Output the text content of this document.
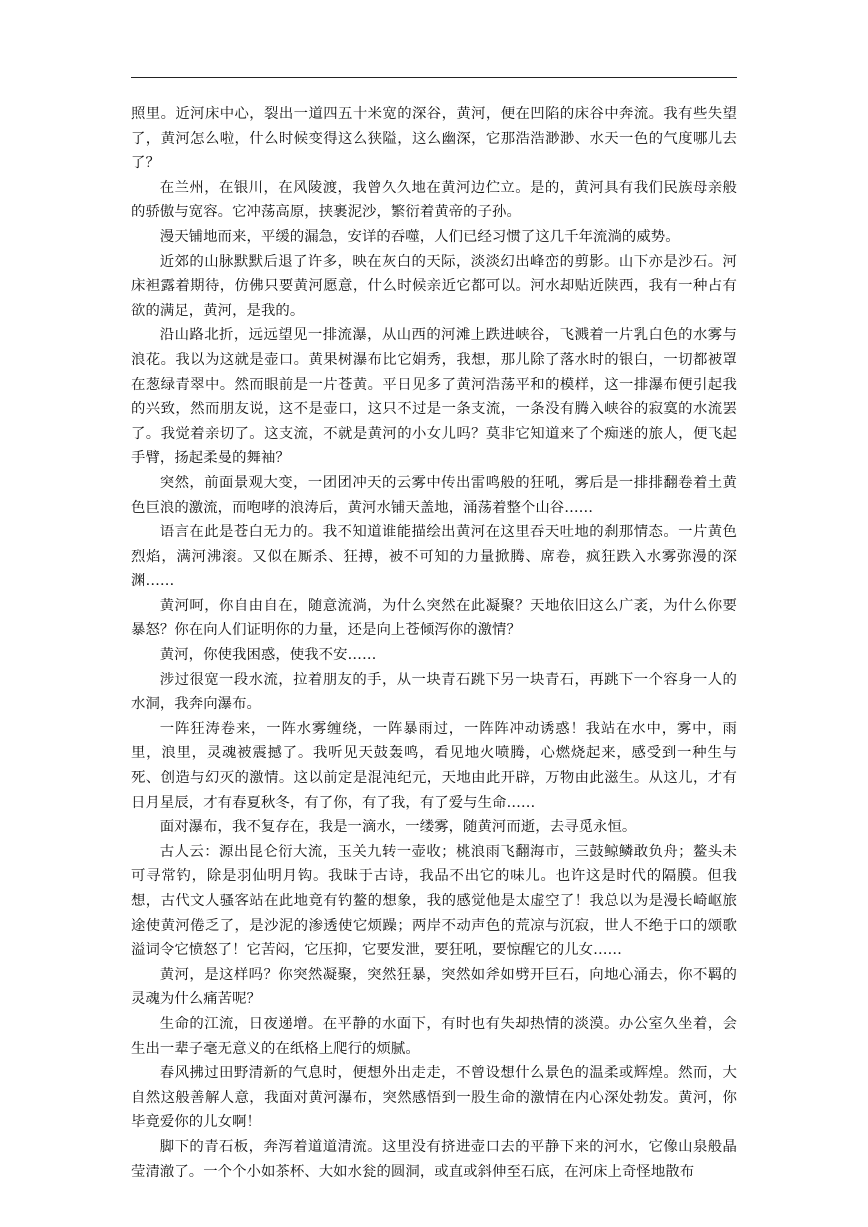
照里。近河床中心，裂出一道四五十米宽的深谷，黄河，便在凹陷的床谷中奔流。我有些失望了，黄河怎么啦，什么时候变得这么狭隘，这么幽深，它那浩浩渺渺、水天一色的气度哪儿去了？

在兰州，在银川，在风陵渡，我曾久久地在黄河边伫立。是的，黄河具有我们民族母亲般的骄傲与宽容。它冲荡高原，挟裹泥沙，繁衍着黄帝的子孙。

漫天铺地而来，平缓的漏急，安详的吞噬，人们已经习惯了这几千年流淌的威势。

近郊的山脉默默后退了许多，映在灰白的天际，淡淡幻出峰峦的剪影。山下亦是沙石。河床袒露着期待，仿佛只要黄河愿意，什么时候亲近它都可以。河水却贴近陕西，我有一种占有欲的满足，黄河，是我的。

沿山路北折，远远望见一排流瀑，从山西的河滩上跌进峡谷，飞溅着一片乳白色的水雾与浪花。我以为这就是壶口。黄果树瀑布比它娟秀，我想，那儿除了落水时的银白，一切都被罩在葱绿青翠中。然而眼前是一片苍黄。平日见多了黄河浩荡平和的模样，这一排瀑布便引起我的兴致，然而朋友说，这不是壶口，这只不过是一条支流，一条没有腾入峡谷的寂寞的水流罢了。我觉着亲切了。这支流，不就是黄河的小女儿吗？莫非它知道来了个痴迷的旅人，便飞起手臂，扬起柔曼的舞袖？

突然，前面景观大变，一团团冲天的云雾中传出雷鸣般的狂吼，雾后是一排排翻卷着土黄色巨浪的激流，而咆哮的浪涛后，黄河水铺天盖地，涌荡着整个山谷……

语言在此是苍白无力的。我不知道谁能描绘出黄河在这里吞天吐地的刹那情态。一片黄色烈焰，满河沸滚。又似在厮杀、狂搏，被不可知的力量掀腾、席卷，疯狂跌入水雾弥漫的深渊……

黄河呵，你自由自在，随意流淌，为什么突然在此凝聚？天地依旧这么广袤，为什么你要暴怒？你在向人们证明你的力量，还是向上苍倾泻你的激情？

黄河，你使我困惑，使我不安……

涉过很宽一段水流，拉着朋友的手，从一块青石跳下另一块青石，再跳下一个容身一人的水洞，我奔向瀑布。

一阵狂涛卷来，一阵水雾缠绕，一阵暴雨过，一阵阵冲动诱惑！我站在水中，雾中，雨里，浪里，灵魂被震撼了。我听见天鼓轰鸣，看见地火喷腾，心燃烧起来，感受到一种生与死、创造与幻灭的激情。这以前定是混沌纪元，天地由此开辟，万物由此滋生。从这儿，才有日月星辰，才有春夏秋冬，有了你，有了我，有了爱与生命……

面对瀑布，我不复存在，我是一滴水，一缕雾，随黄河而逝，去寻觅永恒。

古人云：源出昆仑衍大流，玉关九转一壶收；桃浪雨飞翻海市，三鼓鲸鳞敢负舟；鳌头未可寻常钓，除是羽仙明月钩。我昧于古诗，我品不出它的味儿。也许这是时代的隔膜。但我想，古代文人骚客站在此地竟有钓鳌的想象，我的感觉他是太虚空了！我总以为是漫长崎岖旅途使黄河倦乏了，是沙泥的渗透使它烦躁；两岸不动声色的荒凉与沉寂，世人不绝于口的颂歌溢词令它愤怒了！它苦闷，它压抑，它要发泄，要狂吼，要惊醒它的儿女……

黄河，是这样吗？你突然凝聚，突然狂暴，突然如斧如劈开巨石，向地心涌去，你不羁的灵魂为什么痛苦呢？

生命的江流，日夜递增。在平静的水面下，有时也有失却热情的淡漠。办公室久坐着，会生出一辈子毫无意义的在纸格上爬行的烦腻。

春风拂过田野清新的气息时，便想外出走走，不曾设想什么景色的温柔或辉煌。然而，大自然这般善解人意，我面对黄河瀑布，突然感悟到一股生命的激情在内心深处勃发。黄河，你毕竟爱你的儿女啊！

脚下的青石板，奔泻着道道清流。这里没有挤进壶口去的平静下来的河水，它像山泉般晶莹清澈了。一个个小如茶杯、大如水瓮的圆洞，或直或斜伸至石底，在河床上奇怪地散布
